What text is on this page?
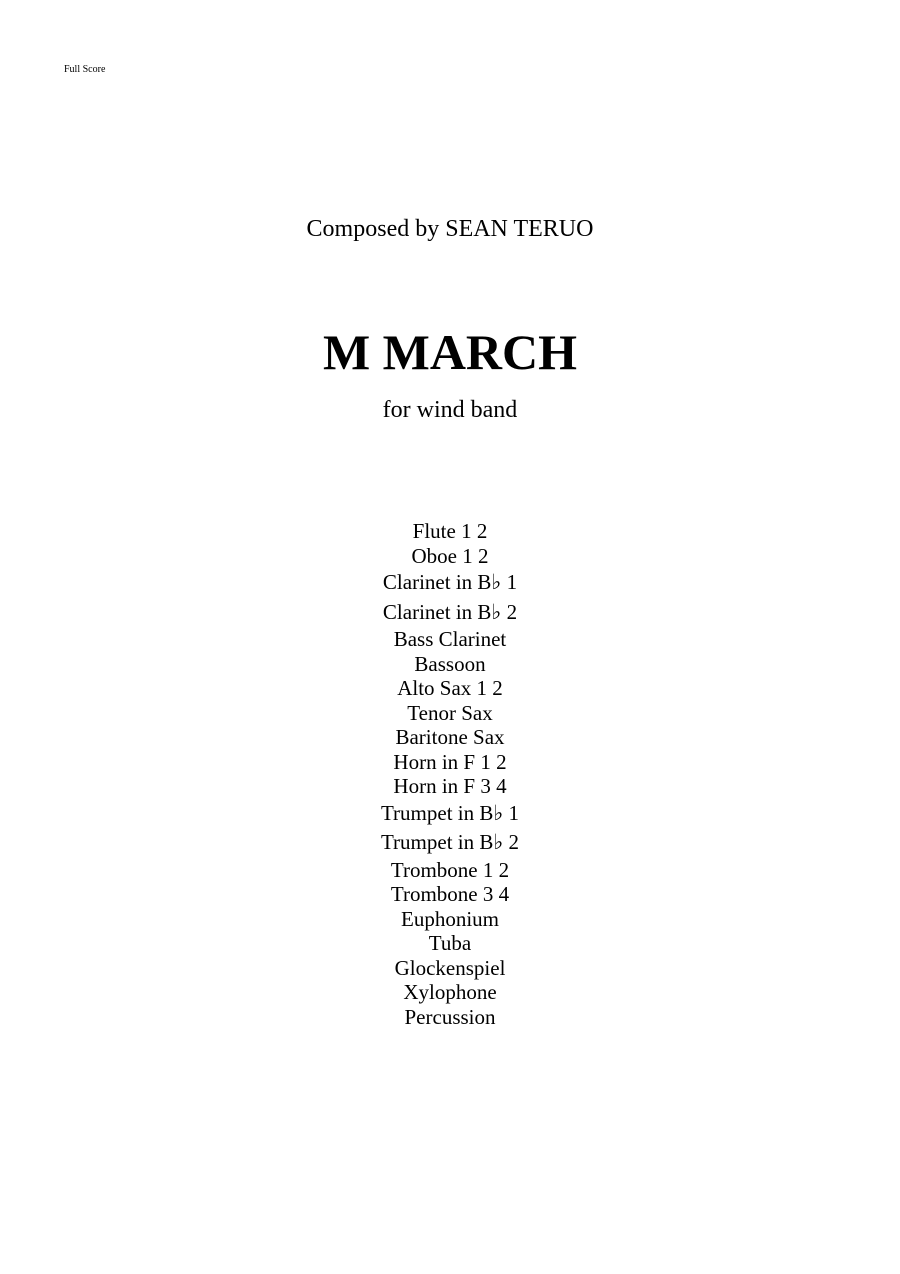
Full Score
Composed by SEAN TERUO
M MARCH
for wind band
Flute 1 2
Oboe 1 2
Clarinet in B♭ 1
Clarinet in B♭ 2
Bass Clarinet
Bassoon
Alto Sax 1 2
Tenor Sax
Baritone Sax
Horn in F 1 2
Horn in F 3 4
Trumpet in B♭ 1
Trumpet in B♭ 2
Trombone 1 2
Trombone 3 4
Euphonium
Tuba
Glockenspiel
Xylophone
Percussion
